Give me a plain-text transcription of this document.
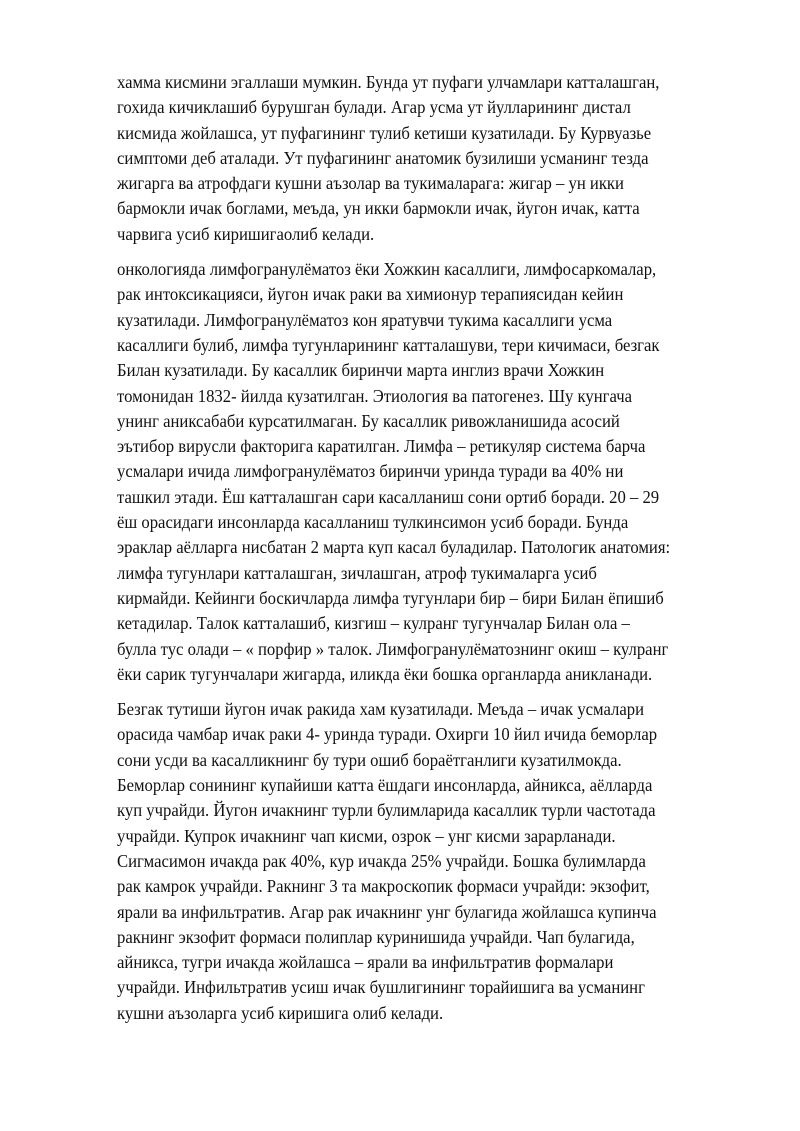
хамма кисмини эгаллаши мумкин. Бунда ут пуфаги улчамлари катталашган,
гохида кичиклашиб бурушган булади. Агар усма ут йулларининг дистал
кисмида жойлашса, ут пуфагининг тулиб кетиши кузатилади. Бу Курвуазье
симптоми деб аталади. Ут пуфагининг анатомик бузилиши усманинг тезда
жигарга ва атрофдаги кушни аъзолар ва тукималарага: жигар – ун икки
бармокли ичак боглами, меъда, ун икки бармокли ичак, йугон ичак, катта
чарвига усиб киришигаолиб келади.

онкологияда лимфогранулёматоз ёки Хожкин касаллиги, лимфосаркомалар,
рак интоксикацияси, йугон ичак раки ва химионур терапиясидан кейин
кузатилади. Лимфогранулёматоз кон яратувчи тукима касаллиги усма
касаллиги булиб, лимфа тугунларининг катталашуви, тери кичимаси, безгак
Билан кузатилади. Бу касаллик биринчи марта инглиз врачи Хожкин
томонидан 1832- йилда кузатилган. Этиология ва патогенез. Шу кунгача
унинг аниксабаби курсатилмаган. Бу касаллик ривожланишида асосий
эътибор вирусли факторига каратилган. Лимфа – ретикуляр система барча
усмалари ичида лимфогранулёматоз биринчи уринда туради ва 40% ни
ташкил этади. Ёш катталашган сари касалланиш сони ортиб боради. 20 – 29
ёш орасидаги инсонларда касалланиш тулкинсимон усиб боради. Бунда
эраклар аёлларга нисбатан 2 марта куп касал буладилар. Патологик анатомия:
лимфа тугунлари катталашган, зичлашган, атроф тукималарга усиб
кирмайди. Кейинги боскичларда лимфа тугунлари бир – бири Билан ёпишиб
кетадилар. Талок катталашиб, кизгиш – кулранг тугунчалар Билан ола –
булла тус олади – « порфир » талок. Лимфогранулёматознинг окиш – кулранг
ёки сарик тугунчалари жигарда, иликда ёки бошка органларда аникланади.

Безгак тутиши йугон ичак ракида хам кузатилади. Меъда – ичак усмалари
орасида чамбар ичак раки 4- уринда туради. Охирги 10 йил ичида беморлар
сони усди ва касалликнинг бу тури ошиб бораётганлиги кузатилмокда.
Беморлар сонининг купайиши катта ёшдаги инсонларда, айникса, аёлларда
куп учрайди. Йугон ичакнинг турли булимларида касаллик турли частотада
учрайди. Купрок ичакнинг чап кисми, озрок – унг кисми зарарланади.
Сигмасимон ичакда рак 40%, кур ичакда 25% учрайди. Бошка булимларда
рак камрок учрайди. Ракнинг 3 та макроскопик формаси учрайди: экзофит,
ярали ва инфильтратив. Агар рак ичакнинг унг булагида жойлашса купинча
ракнинг экзофит формаси полиплар куринишида учрайди. Чап булагида,
айникса, тугри ичакда жойлашса – ярали ва инфильтратив формалари
учрайди. Инфильтратив усиш ичак бушлигининг торайишига ва усманинг
кушни аъзоларга усиб киришига олиб келади.
